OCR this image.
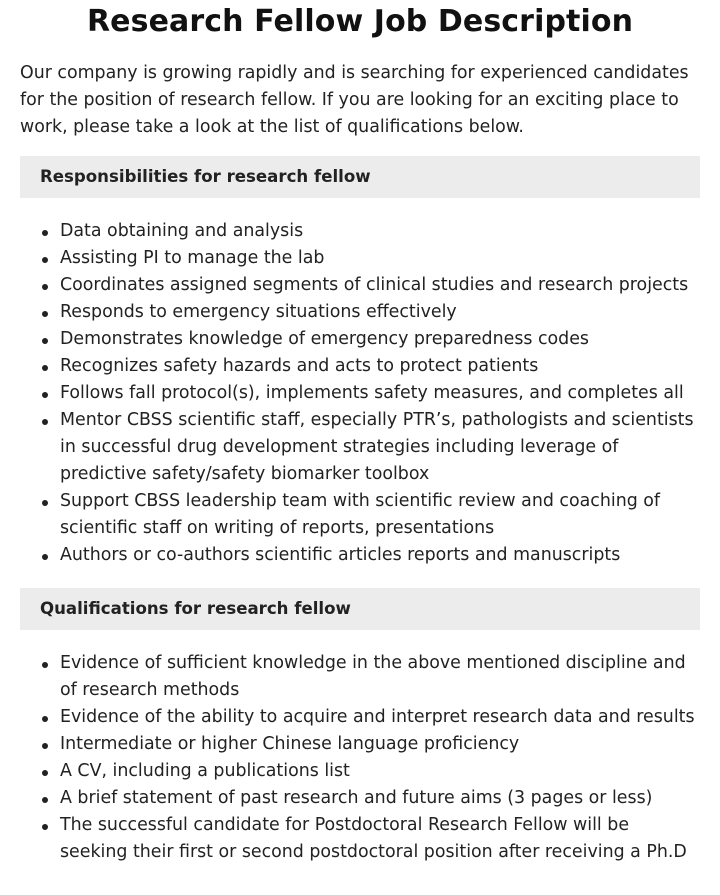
Research Fellow Job Description

Our company is growing rapidly and is searching for experienced candidates for the position of research fellow. If you are looking for an exciting place to work, please take a look at the list of qualifications below.

Responsibilities for research fellow
Data obtaining and analysis
Assisting PI to manage the lab
Coordinates assigned segments of clinical studies and research projects
Responds to emergency situations effectively
Demonstrates knowledge of emergency preparedness codes
Recognizes safety hazards and acts to protect patients
Follows fall protocol(s), implements safety measures, and completes all
Mentor CBSS scientific staff, especially PTR’s, pathologists and scientists in successful drug development strategies including leverage of predictive safety/safety biomarker toolbox
Support CBSS leadership team with scientific review and coaching of scientific staff on writing of reports, presentations
Authors or co-authors scientific articles reports and manuscripts
Qualifications for research fellow
Evidence of sufficient knowledge in the above mentioned discipline and of research methods
Evidence of the ability to acquire and interpret research data and results
Intermediate or higher Chinese language proficiency
A CV, including a publications list
A brief statement of past research and future aims (3 pages or less)
The successful candidate for Postdoctoral Research Fellow will be seeking their first or second postdoctoral position after receiving a Ph.D
